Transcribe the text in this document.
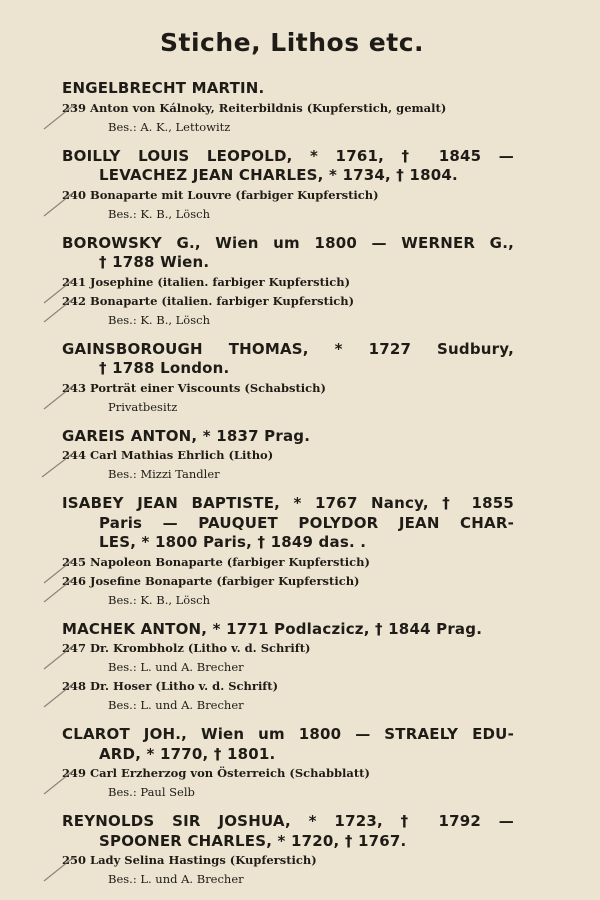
Stiche, Lithos etc.
ENGELBRECHT MARTIN.
239 Anton von Kálnoky, Reiterbildnis (Kupferstich, gemalt)
Bes.: A. K., Lettowitz
BOILLY LOUIS LEOPOLD, * 1761, † 1845 —
LEVACHEZ JEAN CHARLES, * 1734, † 1804.
240 Bonaparte mit Louvre (farbiger Kupferstich)
Bes.: K. B., Lösch
BOROWSKY G., Wien um 1800 — WERNER G.,
† 1788 Wien.
241 Josephine (italien. farbiger Kupferstich)
242 Bonaparte (italien. farbiger Kupferstich)
Bes.: K. B., Lösch
GAINSBOROUGH THOMAS, * 1727 Sudbury,
† 1788 London.
243 Porträt einer Viscounts (Schabstich)
Privatbesitz
GAREIS ANTON, * 1837 Prag.
244 Carl Mathias Ehrlich (Litho)
Bes.: Mizzi Tandler
ISABEY JEAN BAPTISTE, * 1767 Nancy, † 1855
Paris — PAUQUET POLYDOR JEAN CHAR-
LES, * 1800 Paris, † 1849 das. .
245 Napoleon Bonaparte (farbiger Kupferstich)
246 Josefine Bonaparte (farbiger Kupferstich)
Bes.: K. B., Lösch
MACHEK ANTON, * 1771 Podlaczicz, † 1844 Prag.
247 Dr. Krombholz (Litho v. d. Schrift)
Bes.: L. und A. Brecher
248 Dr. Hoser (Litho v. d. Schrift)
Bes.: L. und A. Brecher
CLAROT JOH., Wien um 1800 — STRAELY EDU-
ARD, * 1770, † 1801.
249 Carl Erzherzog von Österreich (Schabblatt)
Bes.: Paul Selb
REYNOLDS SIR JOSHUA, * 1723, † 1792 —
SPOONER CHARLES, * 1720, † 1767.
250 Lady Selina Hastings (Kupferstich)
Bes.: L. und A. Brecher
